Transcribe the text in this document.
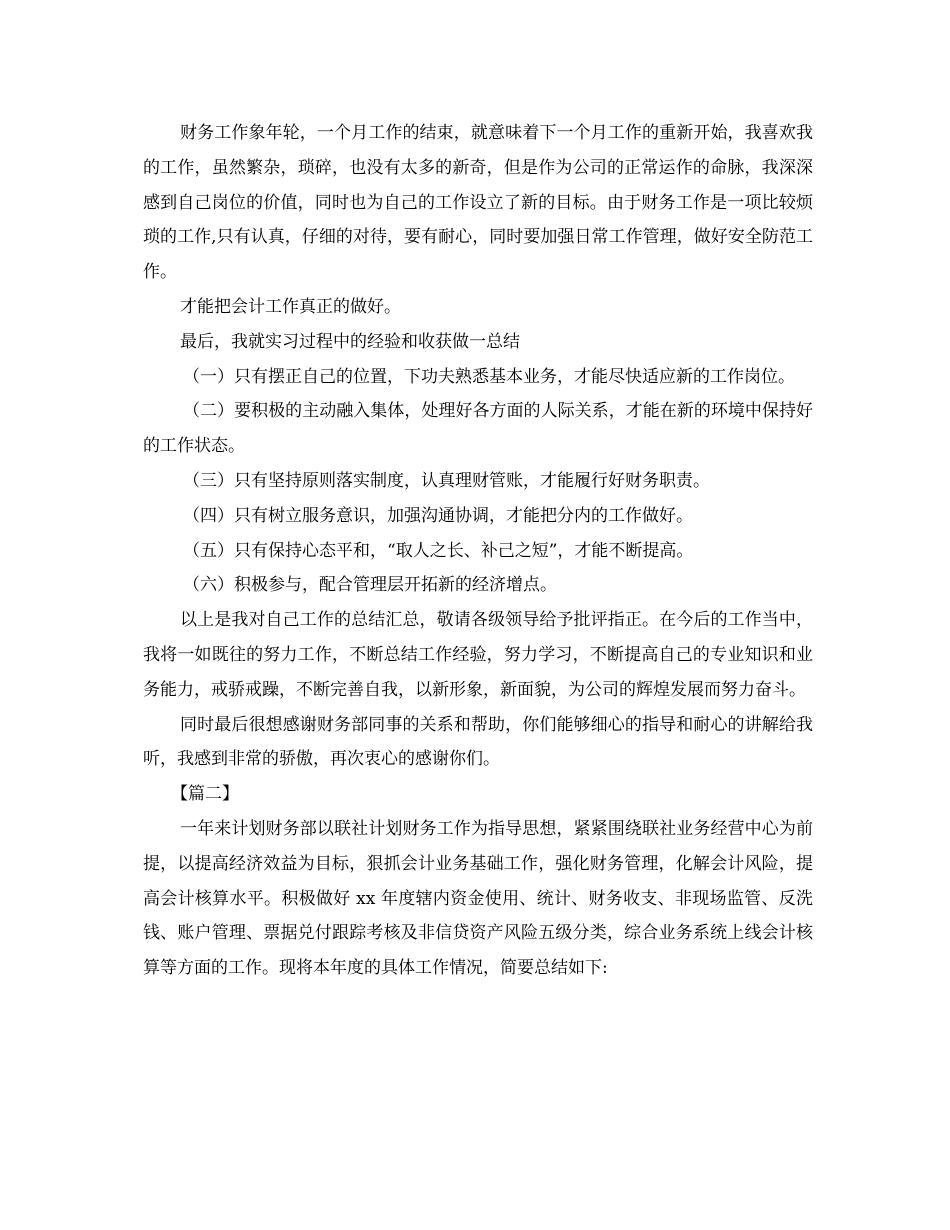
财务工作象年轮，一个月工作的结束，就意味着下一个月工作的重新开始，我喜欢我的工作，虽然繁杂，琐碎，也没有太多的新奇，但是作为公司的正常运作的命脉，我深深感到自己岗位的价值，同时也为自己的工作设立了新的目标。由于财务工作是一项比较烦琐的工作,只有认真，仔细的对待，要有耐心，同时要加强日常工作管理，做好安全防范工作。

才能把会计工作真正的做好。

最后，我就实习过程中的经验和收获做一总结

（一）只有摆正自己的位置，下功夫熟悉基本业务，才能尽快适应新的工作岗位。

（二）要积极的主动融入集体，处理好各方面的人际关系，才能在新的环境中保持好的工作状态。

（三）只有坚持原则落实制度，认真理财管账，才能履行好财务职责。

（四）只有树立服务意识，加强沟通协调，才能把分内的工作做好。

（五）只有保持心态平和，“取人之长、补己之短”，才能不断提高。

（六）积极参与，配合管理层开拓新的经济增点。

以上是我对自己工作的总结汇总，敬请各级领导给予批评指正。在今后的工作当中，我将一如既往的努力工作，不断总结工作经验，努力学习，不断提高自己的专业知识和业务能力，戒骄戒躁，不断完善自我，以新形象，新面貌，为公司的辉煌发展而努力奋斗。

同时最后很想感谢财务部同事的关系和帮助，你们能够细心的指导和耐心的讲解给我听，我感到非常的骄傲，再次衷心的感谢你们。

【篇二】

一年来计划财务部以联社计划财务工作为指导思想，紧紧围绕联社业务经营中心为前提，以提高经济效益为目标，狠抓会计业务基础工作，强化财务管理，化解会计风险，提高会计核算水平。积极做好 xx 年度辖内资金使用、统计、财务收支、非现场监管、反洗钱、账户管理、票据兑付跟踪考核及非信贷资产风险五级分类，综合业务系统上线会计核算等方面的工作。现将本年度的具体工作情况，简要总结如下:
